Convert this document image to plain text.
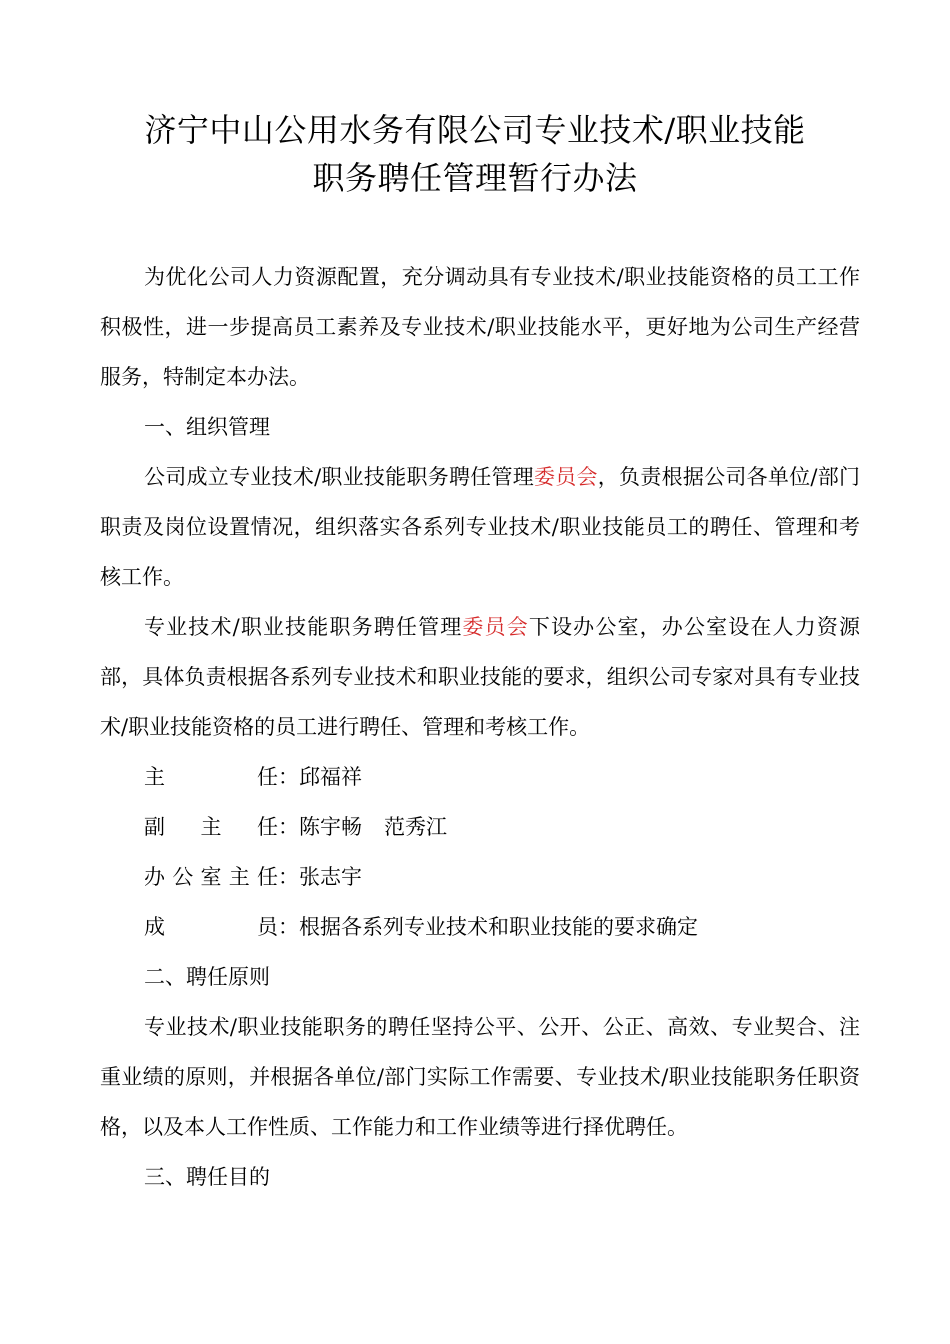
济宁中山公用水务有限公司专业技术/职业技能
职务聘任管理暂行办法
为优化公司人力资源配置，充分调动具有专业技术/职业技能资格的员工工作积极性，进一步提高员工素养及专业技术/职业技能水平，更好地为公司生产经营服务，特制定本办法。
一、组织管理
公司成立专业技术/职业技能职务聘任管理委员会，负责根据公司各单位/部门职责及岗位设置情况，组织落实各系列专业技术/职业技能员工的聘任、管理和考核工作。
专业技术/职业技能职务聘任管理委员会下设办公室，办公室设在人力资源部，具体负责根据各系列专业技术和职业技能的要求，组织公司专家对具有专业技术/职业技能资格的员工进行聘任、管理和考核工作。
主任：邱福祥
副主任：陈宇畅 范秀江
办公室主任：张志宇
成员：根据各系列专业技术和职业技能的要求确定
二、聘任原则
专业技术/职业技能职务的聘任坚持公平、公开、公正、高效、专业契合、注重业绩的原则，并根据各单位/部门实际工作需要、专业技术/职业技能职务任职资格，以及本人工作性质、工作能力和工作业绩等进行择优聘任。
三、聘任目的
